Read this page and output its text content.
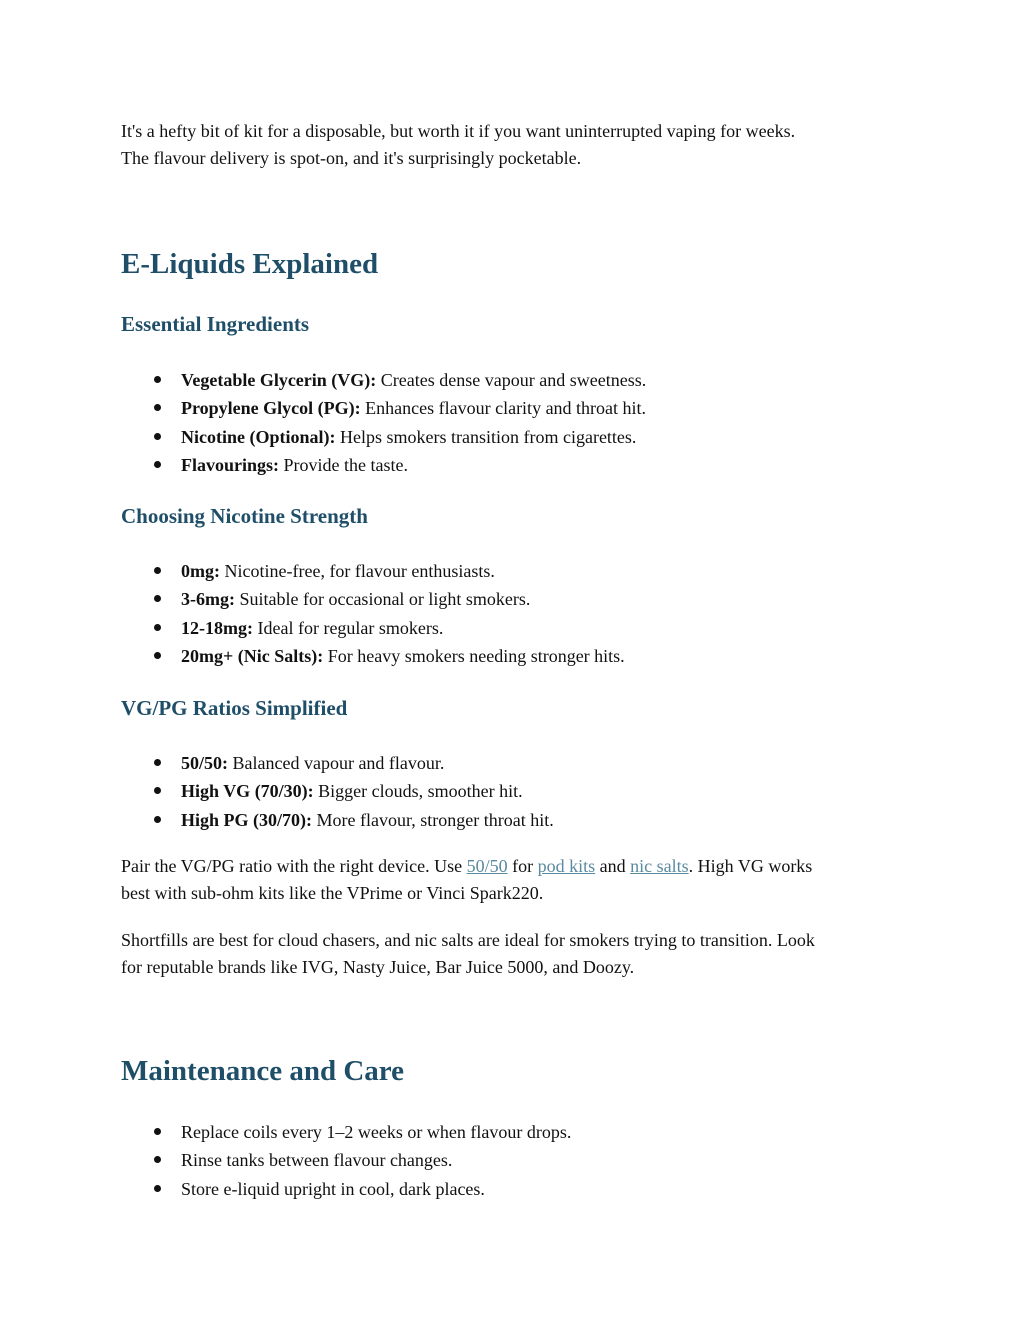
It's a hefty bit of kit for a disposable, but worth it if you want uninterrupted vaping for weeks.
The flavour delivery is spot-on, and it's surprisingly pocketable.

E-Liquids Explained
Essential Ingredients
Vegetable Glycerin (VG): Creates dense vapour and sweetness.
Propylene Glycol (PG): Enhances flavour clarity and throat hit.
Nicotine (Optional): Helps smokers transition from cigarettes.
Flavourings: Provide the taste.
Choosing Nicotine Strength
0mg: Nicotine-free, for flavour enthusiasts.
3-6mg: Suitable for occasional or light smokers.
12-18mg: Ideal for regular smokers.
20mg+ (Nic Salts): For heavy smokers needing stronger hits.
VG/PG Ratios Simplified
50/50: Balanced vapour and flavour.
High VG (70/30): Bigger clouds, smoother hit.
High PG (30/70): More flavour, stronger throat hit.

Pair the VG/PG ratio with the right device. Use 50/50 for pod kits and nic salts. High VG works
best with sub-ohm kits like the VPrime or Vinci Spark220.

Shortfills are best for cloud chasers, and nic salts are ideal for smokers trying to transition. Look
for reputable brands like IVG, Nasty Juice, Bar Juice 5000, and Doozy.

Maintenance and Care
Replace coils every 1–2 weeks or when flavour drops.
Rinse tanks between flavour changes.
Store e-liquid upright in cool, dark places.
